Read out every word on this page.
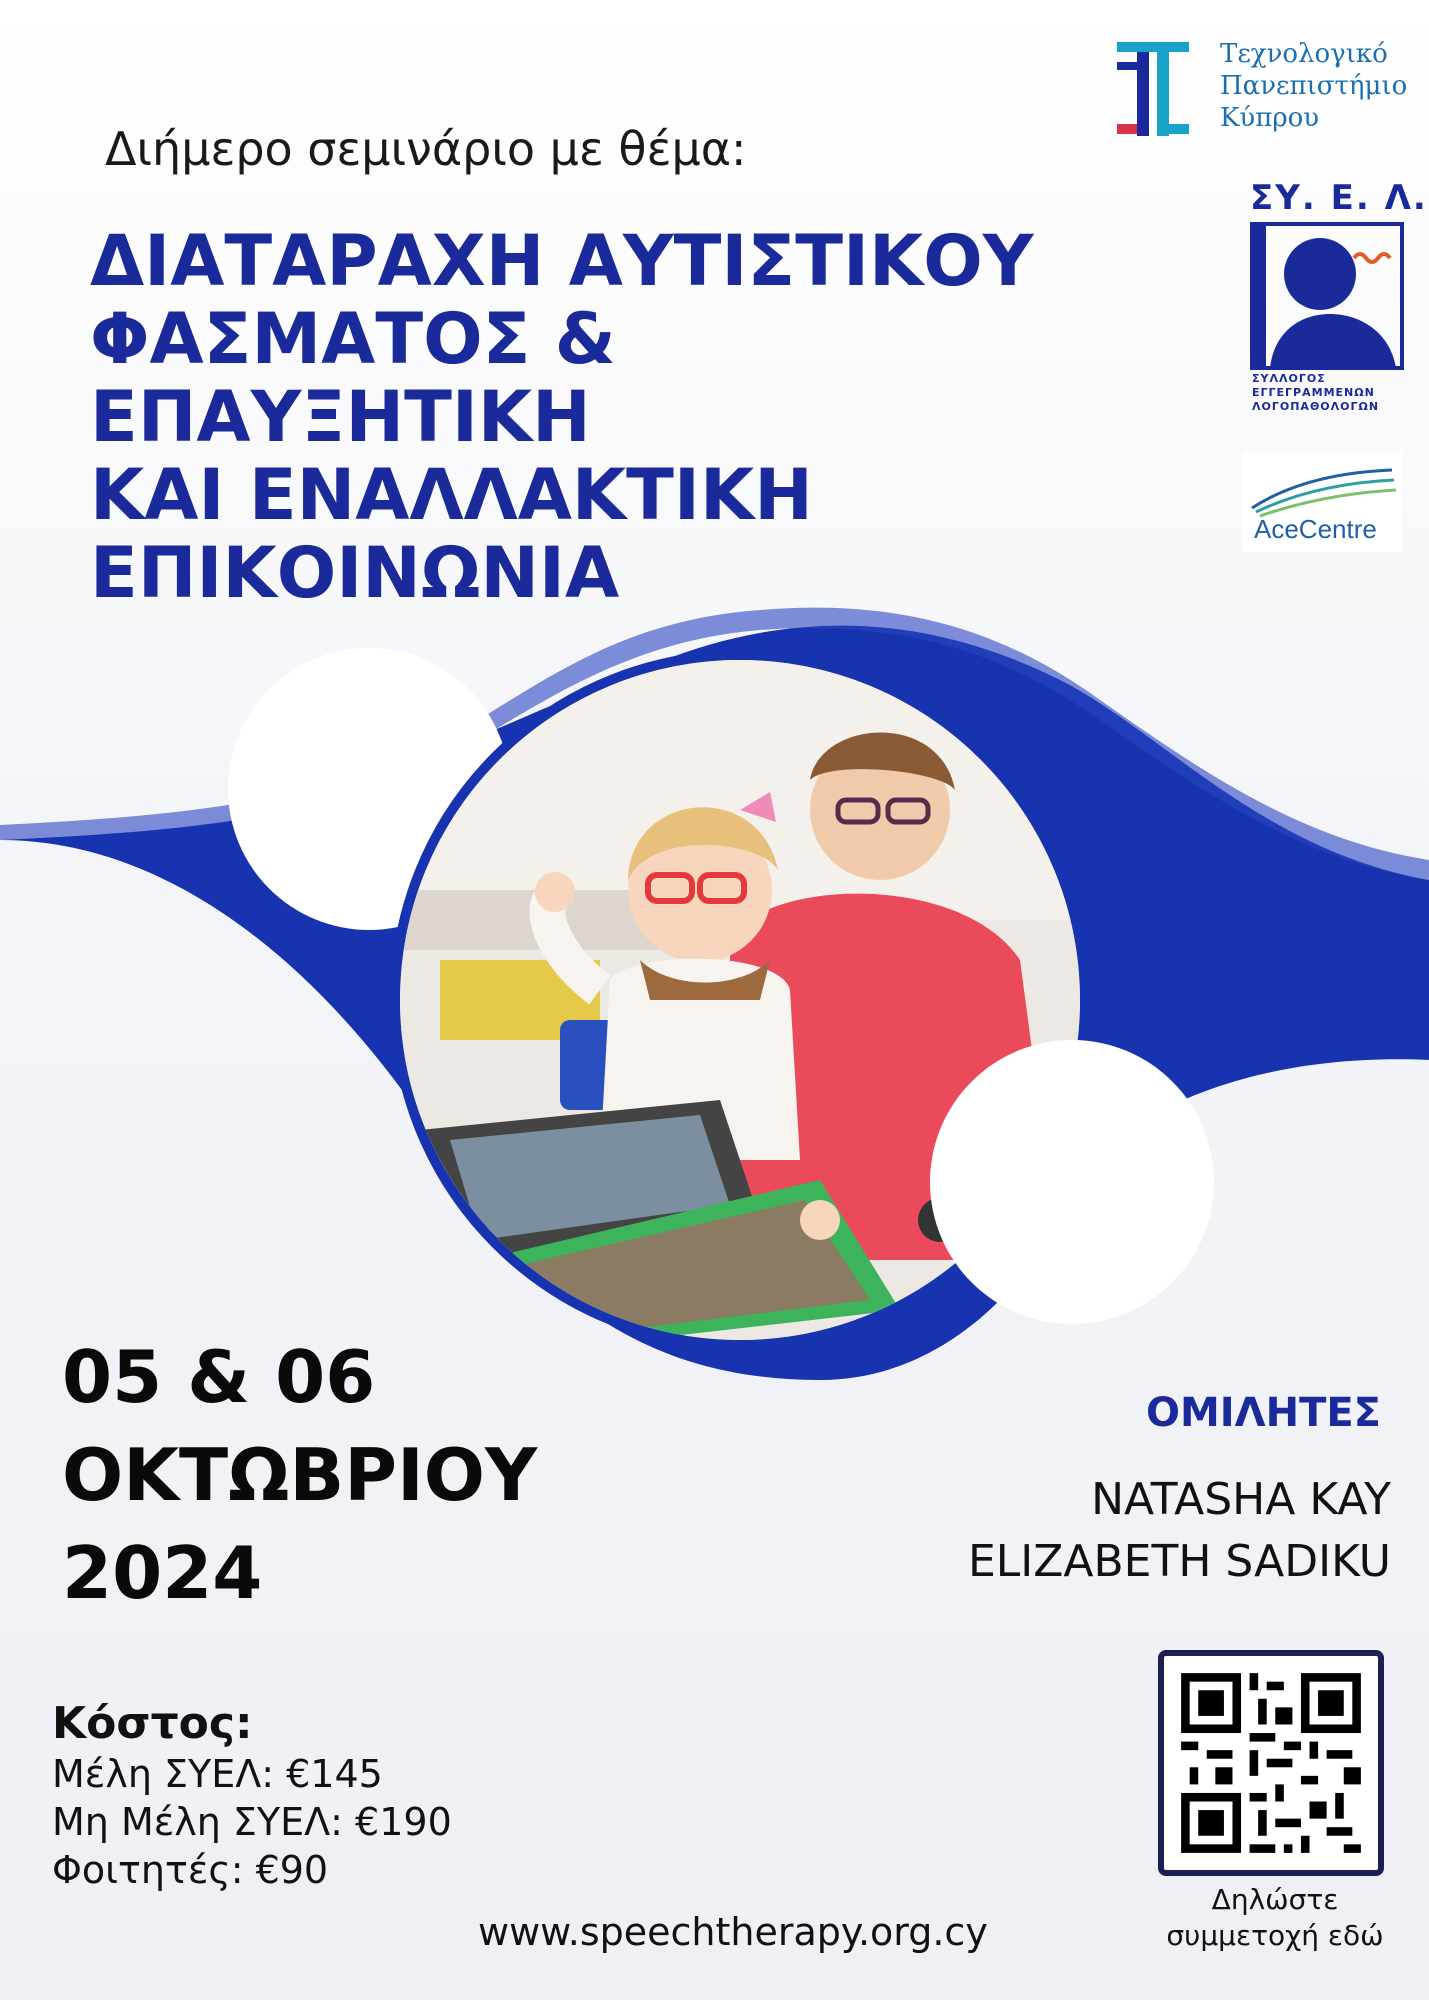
Διήμερο σεμινάριο με θέμα:
ΔΙΑΤΑΡΑΧΗ ΑΥΤΙΣΤΙΚΟΥ
ΦΑΣΜΑΤΟΣ &
ΕΠΑΥΞΗΤΙΚΗ
ΚΑΙ ΕΝΑΛΛΑΚΤΙΚΗ
ΕΠΙΚΟΙΝΩΝΙΑ
Τεχνολογικό
Πανεπιστήμιο
Κύπρου
ΣΥ. Ε. Λ.
ΣΥΛΛΟΓΟΣ
ΕΓΓΕΓΡΑΜΜΕΝΩΝ
ΛΟΓΟΠΑΘΟΛΟΓΩΝ
AceCentre
05 & 06
ΟΚΤΩΒΡΙΟΥ
2024
ΟΜΙΛΗΤΕΣ
NATASHA KAY
ELIZABETH SADIKU
Κόστος:
Μέλη ΣΥΕΛ: €145
Μη Μέλη ΣΥΕΛ: €190
Φοιτητές: €90
www.speechtherapy.org.cy
Δηλώστε
συμμετοχή εδώ
